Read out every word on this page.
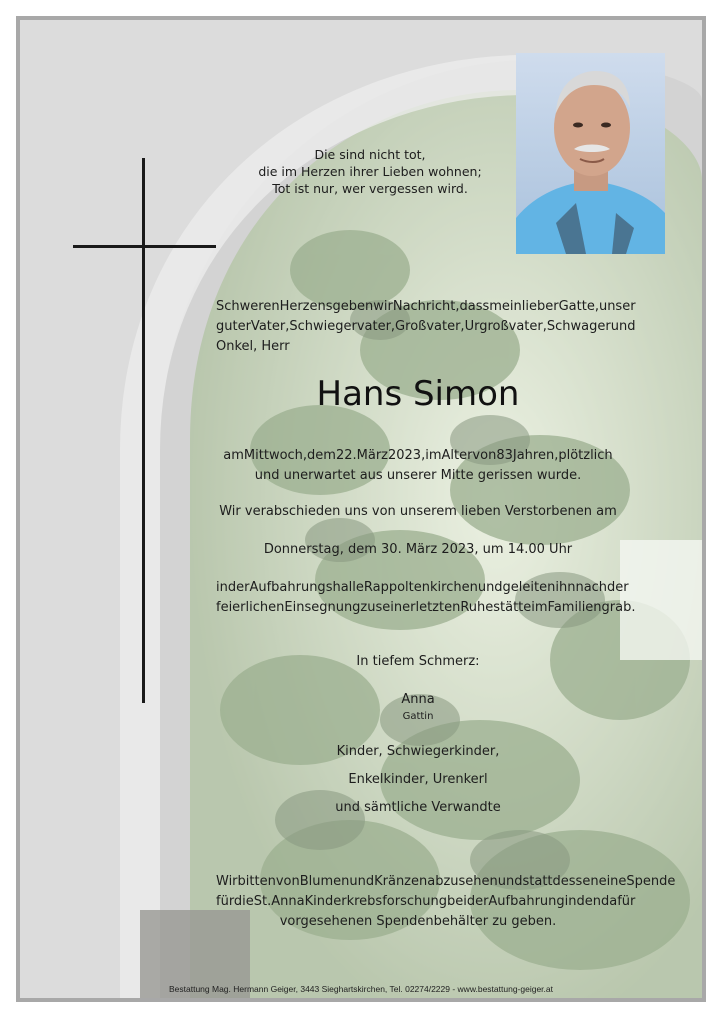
Die sind nicht tot,
die im Herzen ihrer Lieben wohnen;
Tot ist nur, wer vergessen wird.
SchwerenHerzensgebenwirNachricht,dassmeinlieberGatte,unser
guterVater,Schwiegervater,Großvater,Urgroßvater,Schwagerund
Onkel, Herr
Hans Simon
amMittwoch,dem22.März2023,imAltervon83Jahren,plötzlich
und unerwartet aus unserer Mitte gerissen wurde.
Wir verabschieden uns von unserem lieben Verstorbenen am
Donnerstag, dem 30. März 2023, um 14.00 Uhr
inderAufbahrungshalleRappoltenkirchenundgeleitenihnnachder
feierlichenEinsegnungzuseinerletztenRuhestätteimFamiliengrab.
In tiefem Schmerz:
Anna
Gattin
Kinder, Schwiegerkinder,
Enkelkinder, Urenkerl
und sämtliche Verwandte
WirbittenvonBlumenundKränzenabzusehenundstattdesseneineSpende
fürdieSt.AnnaKinderkrebsforschungbeiderAufbahrungindendafür
vorgesehenen Spendenbehälter zu geben.
Bestattung Mag. Hermann Geiger, 3443 Sieghartskirchen, Tel. 02274/2229 - www.bestattung-geiger.at
